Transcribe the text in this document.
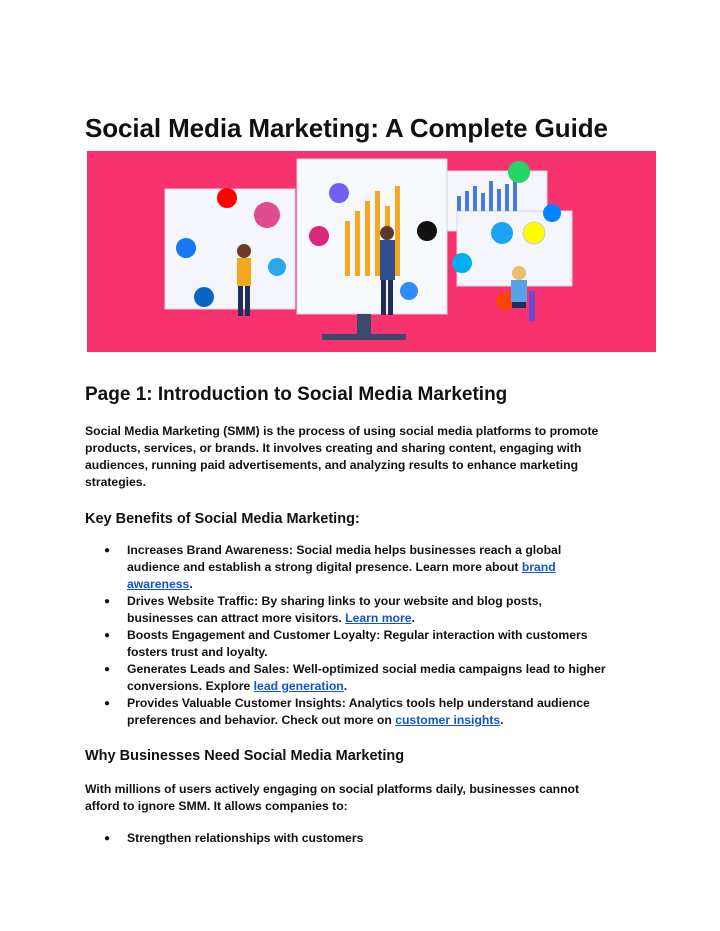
Social Media Marketing: A Complete Guide
Page 1: Introduction to Social Media Marketing

Social Media Marketing (SMM) is the process of using social media platforms to promote
products, services, or brands. It involves creating and sharing content, engaging with
audiences, running paid advertisements, and analyzing results to enhance marketing
strategies.

Key Benefits of Social Media Marketing:
● Increases Brand Awareness: Social media helps businesses reach a global
audience and establish a strong digital presence. Learn more about brand
awareness.
● Drives Website Traffic: By sharing links to your website and blog posts,
businesses can attract more visitors. Learn more.
● Boosts Engagement and Customer Loyalty: Regular interaction with customers
fosters trust and loyalty.
● Generates Leads and Sales: Well-optimized social media campaigns lead to higher
conversions. Explore lead generation.
● Provides Valuable Customer Insights: Analytics tools help understand audience
preferences and behavior. Check out more on customer insights.
Why Businesses Need Social Media Marketing

With millions of users actively engaging on social platforms daily, businesses cannot
afford to ignore SMM. It allows companies to:

● Strengthen relationships with customers
